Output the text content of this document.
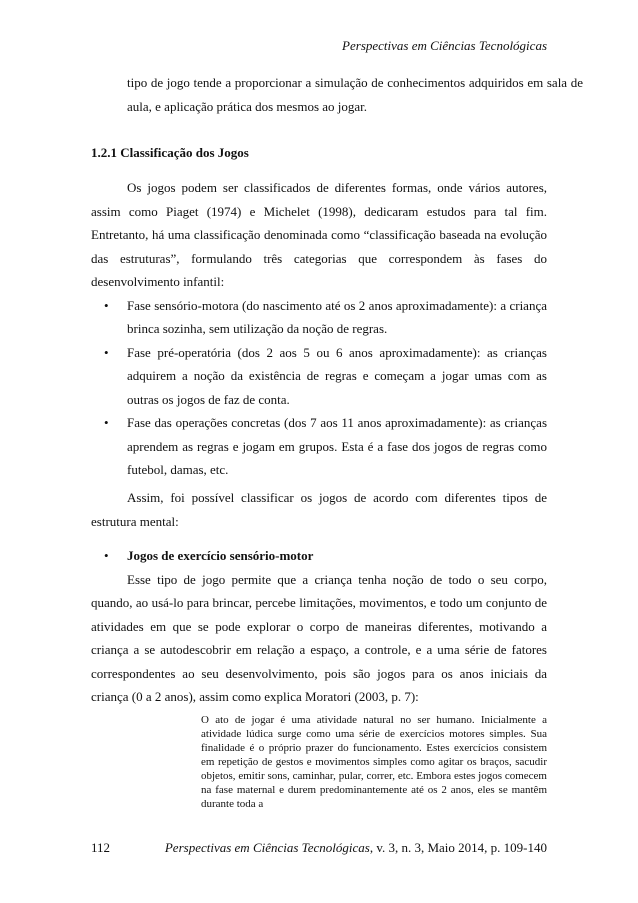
Perspectivas em Ciências Tecnológicas

tipo de jogo tende a proporcionar a simulação de conhecimentos adquiridos em sala de aula, e aplicação prática dos mesmos ao jogar.

1.2.1 Classificação dos Jogos

Os jogos podem ser classificados de diferentes formas, onde vários autores, assim como Piaget (1974) e Michelet (1998), dedicaram estudos para tal fim. Entretanto, há uma classificação denominada como “classificação baseada na evolução das estruturas”, formulando três categorias que correspondem às fases do desenvolvimento infantil:

• Fase sensório-motora (do nascimento até os 2 anos aproximadamente): a criança brinca sozinha, sem utilização da noção de regras.
• Fase pré-operatória (dos 2 aos 5 ou 6 anos aproximadamente): as crianças adquirem a noção da existência de regras e começam a jogar umas com as outras os jogos de faz de conta.
• Fase das operações concretas (dos 7 aos 11 anos aproximadamente): as crianças aprendem as regras e jogam em grupos. Esta é a fase dos jogos de regras como futebol, damas, etc.

Assim, foi possível classificar os jogos de acordo com diferentes tipos de estrutura mental:

• Jogos de exercício sensório-motor

Esse tipo de jogo permite que a criança tenha noção de todo o seu corpo, quando, ao usá-lo para brincar, percebe limitações, movimentos, e todo um conjunto de atividades em que se pode explorar o corpo de maneiras diferentes, motivando a criança a se autodescobrir em relação a espaço, a controle, e a uma série de fatores correspondentes ao seu desenvolvimento, pois são jogos para os anos iniciais da criança (0 a 2 anos), assim como explica Moratori (2003, p. 7):

O ato de jogar é uma atividade natural no ser humano. Inicialmente a atividade lúdica surge como uma série de exercícios motores simples. Sua finalidade é o próprio prazer do funcionamento. Estes exercícios consistem em repetição de gestos e movimentos simples como agitar os braços, sacudir objetos, emitir sons, caminhar, pular, correr, etc. Embora estes jogos comecem na fase maternal e durem predominantemente até os 2 anos, eles se mantêm durante toda a
112	Perspectivas em Ciências Tecnológicas, v. 3, n. 3, Maio 2014, p. 109-140
